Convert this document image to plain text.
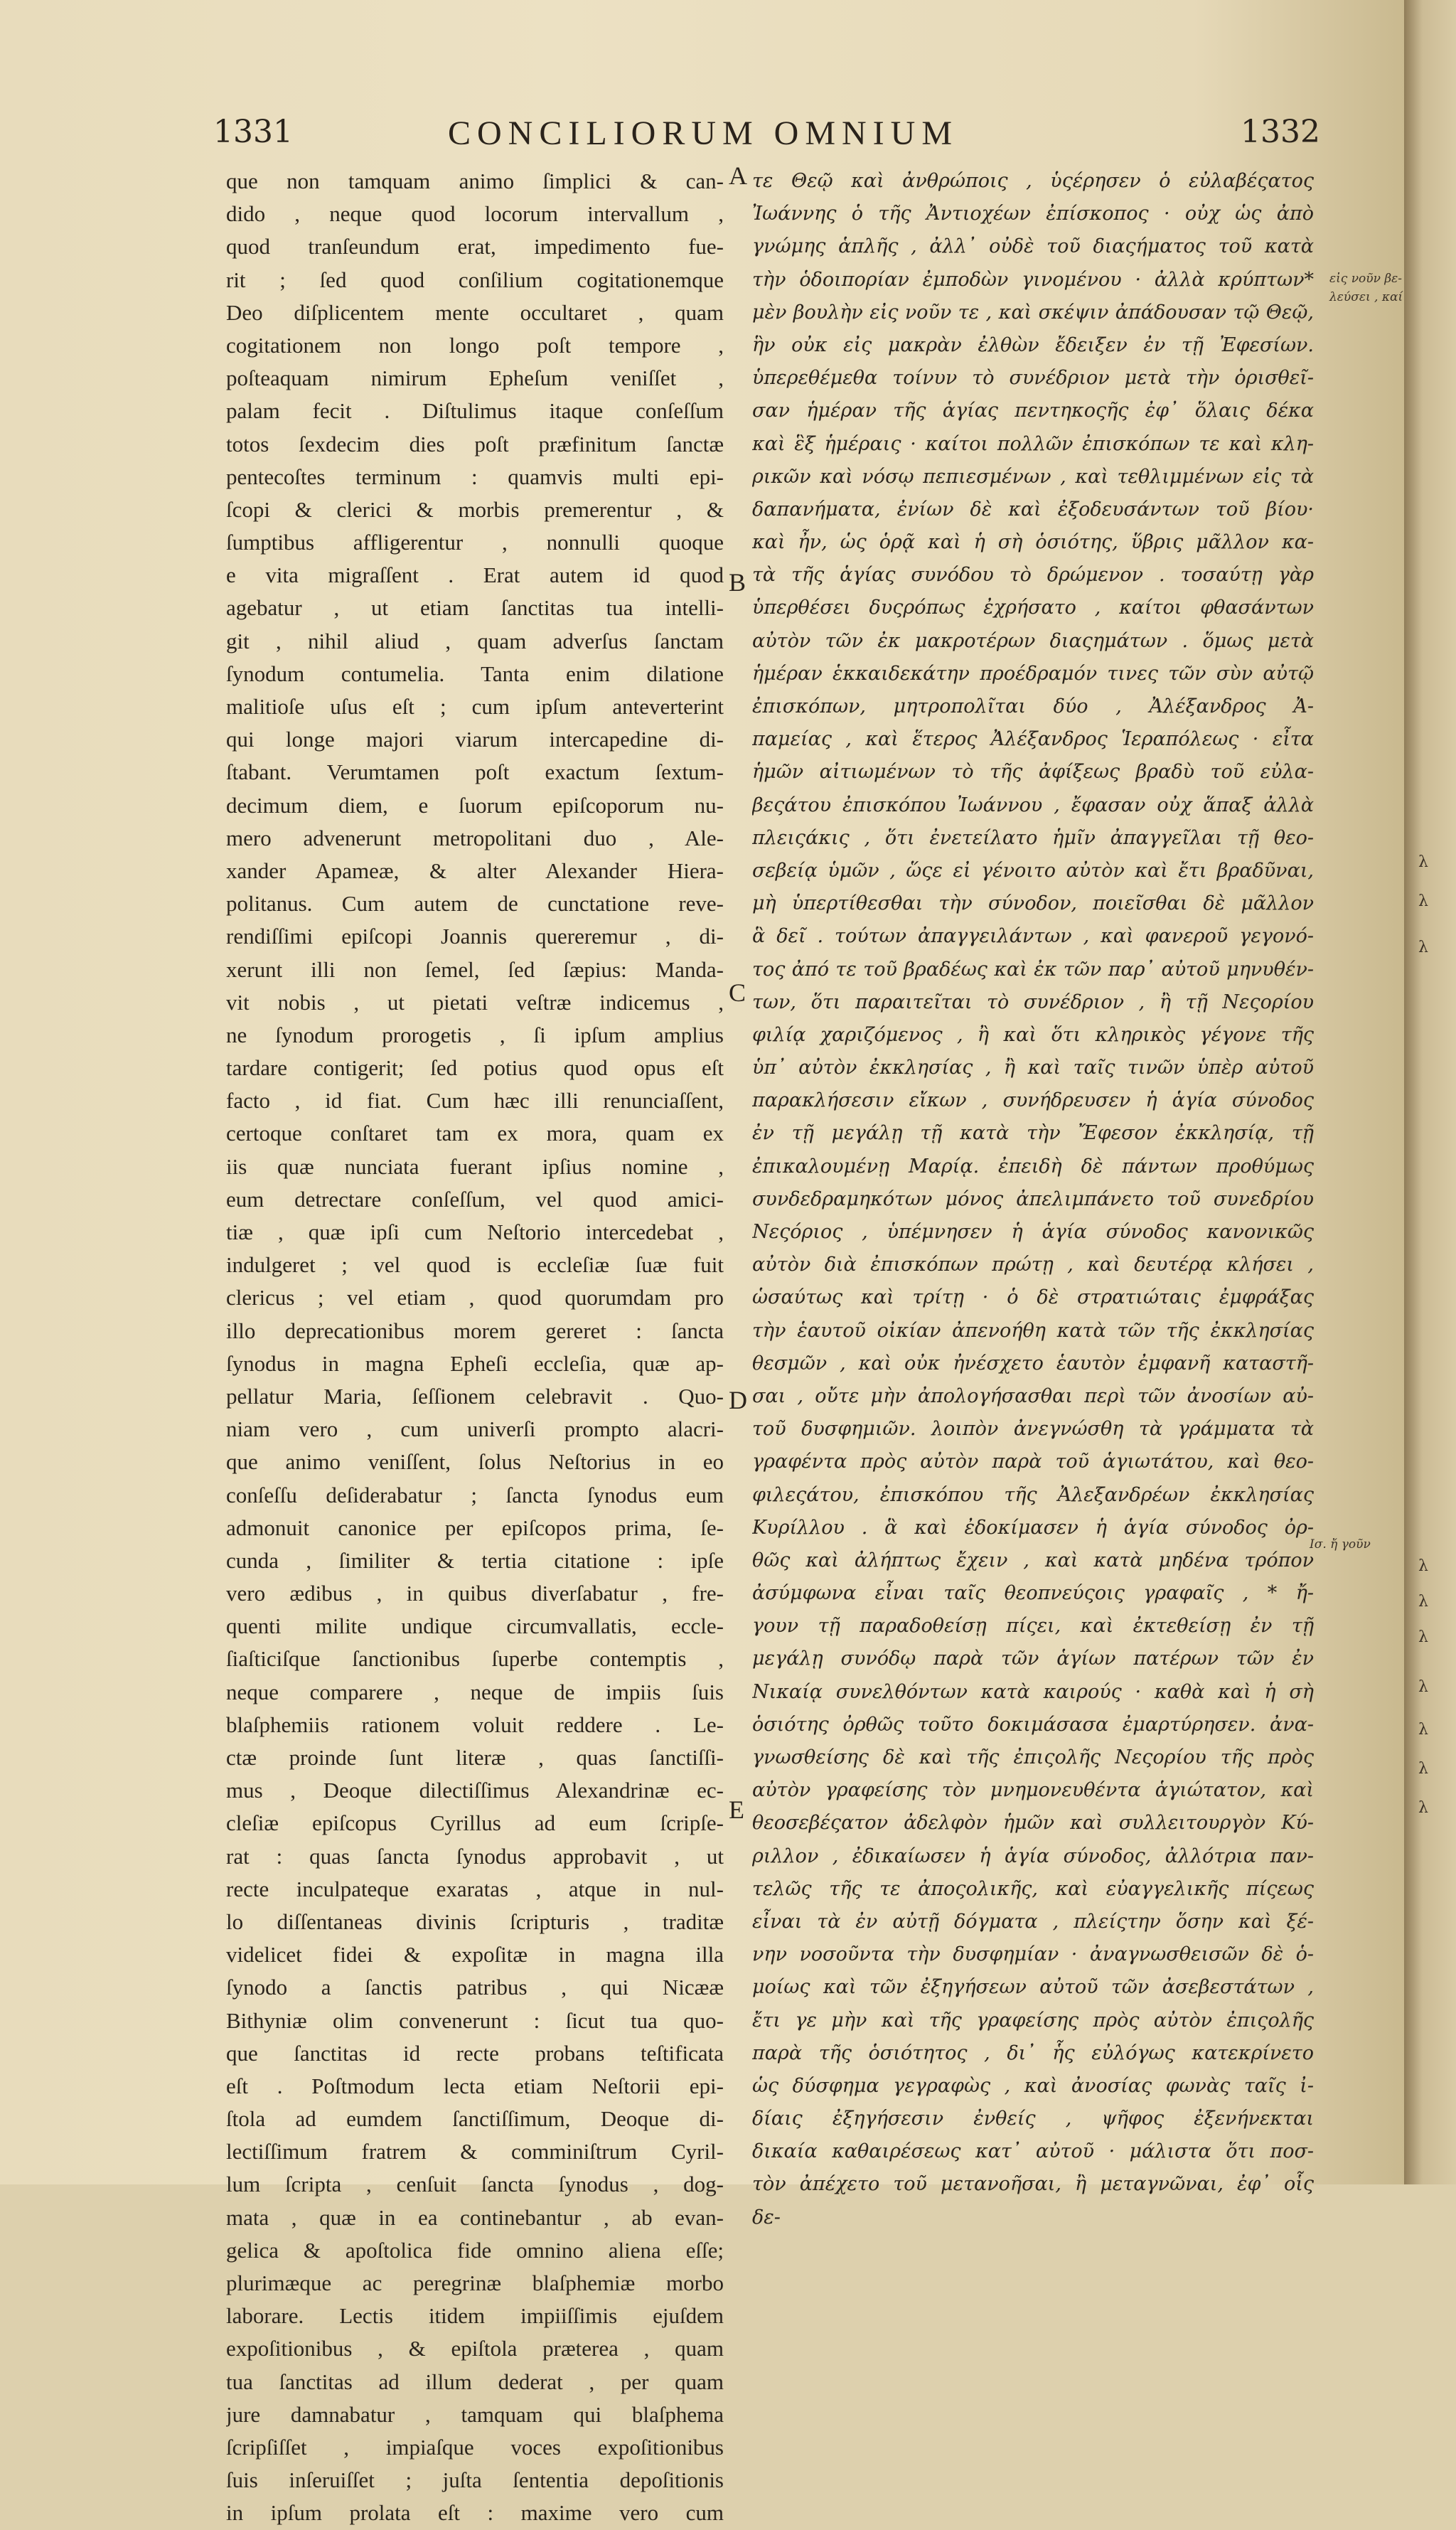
1331	CONCILIORUM OMNIUM	1332
que non tamquam animo ſimplici & can-
dido , neque quod locorum intervallum ,
quod tranſeundum erat, impedimento fue-
rit ; ſed quod conſilium cogitationemque
Deo diſplicentem mente occultaret , quam
cogitationem non longo poſt tempore ,
poſteaquam nimirum Epheſum veniſſet ,
palam fecit . Diſtulimus itaque conſeſſum
totos ſexdecim dies poſt præfinitum ſanctæ
pentecoſtes terminum : quamvis multi epi-
ſcopi & clerici & morbis premerentur , &
ſumptibus affligerentur , nonnulli quoque
e vita migraſſent . Erat autem id quod
agebatur , ut etiam ſanctitas tua intelli-
git , nihil aliud , quam adverſus ſanctam
ſynodum contumelia. Tanta enim dilatione
malitioſe uſus eſt ; cum ipſum anteverterint
qui longe majori viarum intercapedine di-
ſtabant. Verumtamen poſt exactum ſextum-
decimum diem, e ſuorum epiſcoporum nu-
mero advenerunt metropolitani duo , Ale-
xander Apameæ, & alter Alexander Hiera-
politanus. Cum autem de cunctatione reve-
rendiſſimi epiſcopi Joannis quereremur , di-
xerunt illi non ſemel, ſed ſæpius: Manda-
vit nobis , ut pietati veſtræ indicemus ,
ne ſynodum prorogetis , ſi ipſum amplius
tardare contigerit; ſed potius quod opus eſt
facto , id fiat. Cum hæc illi renunciaſſent,
certoque conſtaret tam ex mora, quam ex
iis quæ nunciata fuerant ipſius nomine ,
eum detrectare conſeſſum, vel quod amici-
tiæ , quæ ipſi cum Neſtorio intercedebat ,
indulgeret ; vel quod is eccleſiæ ſuæ fuit
clericus ; vel etiam , quod quorumdam pro
illo deprecationibus morem gereret : ſancta
ſynodus in magna Epheſi eccleſia, quæ ap-
pellatur Maria, ſeſſionem celebravit . Quo-
niam vero , cum univerſi prompto alacri-
que animo veniſſent, ſolus Neſtorius in eo
conſeſſu deſiderabatur ; ſancta ſynodus eum
admonuit canonice per epiſcopos prima, ſe-
cunda , ſimiliter & tertia citatione : ipſe
vero ædibus , in quibus diverſabatur , fre-
quenti milite undique circumvallatis, eccle-
ſiaſticiſque ſanctionibus ſuperbe contemptis ,
neque comparere , neque de impiis ſuis
blaſphemiis rationem voluit reddere . Le-
ctæ proinde ſunt literæ , quas ſanctiſſi-
mus , Deoque dilectiſſimus Alexandrinæ ec-
cleſiæ epiſcopus Cyrillus ad eum ſcripſe-
rat : quas ſancta ſynodus approbavit , ut
recte inculpateque exaratas , atque in nul-
lo diſſentaneas divinis ſcripturis , traditæ
videlicet fidei & expoſitæ in magna illa
ſynodo a ſanctis patribus , qui Nicææ
Bithyniæ olim convenerunt : ſicut tua quo-
que ſanctitas id recte probans teſtificata
eſt . Poſtmodum lecta etiam Neſtorii epi-
ſtola ad eumdem ſanctiſſimum, Deoque di-
lectiſſimum fratrem & comminiſtrum Cyril-
lum ſcripta , cenſuit ſancta ſynodus , dog-
mata , quæ in ea continebantur , ab evan-
gelica & apoſtolica fide omnino aliena eſſe;
plurimæque ac peregrinæ blaſphemiæ morbo
laborare. Lectis itidem impiiſſimis ejuſdem
expoſitionibus , & epiſtola præterea , quam
tua ſanctitas ad illum dederat , per quam
jure damnabatur , tamquam qui blaſphema
ſcripſiſſet , impiaſque voces expoſitionibus
ſuis inſeruiſſet ; juſta ſententia depoſitionis
in ipſum prolata eſt : maxime vero cum
τε Θεῷ καὶ ἀνθρώποις , ὑςέρησεν ὁ εὐλαβέςατος
Ἰωάννης ὁ τῆς Ἀντιοχέων ἐπίσκοπος · οὐχ ὡς ἀπὸ
γνώμης ἁπλῆς , ἀλλ᾽ οὐδὲ τοῦ διαςήματος τοῦ κατὰ
τὴν ὁδοιπορίαν ἐμποδὼν γινομένου · ἀλλὰ κρύπτων*
μὲν βουλὴν εἰς νοῦν τε , καὶ σκέψιν ἀπάδουσαν τῷ Θεῷ,
ἣν οὐκ εἰς μακρὰν ἐλθὼν ἔδειξεν ἐν τῇ Ἐφεσίων.
ὑπερεθέμεθα τοίνυν τὸ συνέδριον μετὰ τὴν ὁρισθεῖ-
σαν ἡμέραν τῆς ἁγίας πεντηκοςῆς ἐφ᾽ ὅλαις δέκα
καὶ ἓξ ἡμέραις · καίτοι πολλῶν ἐπισκόπων τε καὶ κλη-
ρικῶν καὶ νόσῳ πεπιεσμένων , καὶ τεθλιμμένων εἰς τὰ
δαπανήματα, ἐνίων δὲ καὶ ἐξοδευσάντων τοῦ βίου·
καὶ ἦν, ὡς ὁρᾷ καὶ ἡ σὴ ὁσιότης, ὕβρις μᾶλλον κα-
τὰ τῆς ἁγίας συνόδου τὸ δρώμενον . τοσαύτῃ γὰρ
ὑπερθέσει δυςρόπως ἐχρήσατο , καίτοι φθασάντων
αὐτὸν τῶν ἐκ μακροτέρων διαςημάτων . ὅμως μετὰ
ἡμέραν ἑκκαιδεκάτην προέδραμόν τινες τῶν σὺν αὐτῷ
ἐπισκόπων, μητροπολῖται δύο , Ἀλέξανδρος Ἀ-
παμείας , καὶ ἕτερος Ἀλέξανδρος Ἱεραπόλεως · εἶτα
ἡμῶν αἰτιωμένων τὸ τῆς ἀφίξεως βραδὺ τοῦ εὐλα-
βεςάτου ἐπισκόπου Ἰωάννου , ἔφασαν οὐχ ἅπαξ ἀλλὰ
πλειςάκις , ὅτι ἐνετείλατο ἡμῖν ἀπαγγεῖλαι τῇ θεο-
σεβείᾳ ὑμῶν , ὥςε εἰ γένοιτο αὐτὸν καὶ ἔτι βραδῦναι,
μὴ ὑπερτίθεσθαι τὴν σύνοδον, ποιεῖσθαι δὲ μᾶλλον
ἃ δεῖ . τούτων ἀπαγγειλάντων , καὶ φανεροῦ γεγονό-
τος ἀπό τε τοῦ βραδέως καὶ ἐκ τῶν παρ᾽ αὐτοῦ μηνυθέν-
των, ὅτι παραιτεῖται τὸ συνέδριον , ἢ τῇ Νεςορίου
φιλίᾳ χαριζόμενος , ἢ καὶ ὅτι κληρικὸς γέγονε τῆς
ὑπ᾽ αὐτὸν ἐκκλησίας , ἢ καὶ ταῖς τινῶν ὑπὲρ αὐτοῦ
παρακλήσεσιν εἴκων , συνήδρευσεν ἡ ἁγία σύνοδος
ἐν τῇ μεγάλῃ τῇ κατὰ τὴν Ἔφεσον ἐκκλησίᾳ, τῇ
ἐπικαλουμένῃ Μαρίᾳ. ἐπειδὴ δὲ πάντων προθύμως
συνδεδραμηκότων μόνος ἀπελιμπάνετο τοῦ συνεδρίου
Νεςόριος , ὑπέμνησεν ἡ ἁγία σύνοδος κανονικῶς
αὐτὸν διὰ ἐπισκόπων πρώτῃ , καὶ δευτέρᾳ κλήσει ,
ὡσαύτως καὶ τρίτῃ · ὁ δὲ στρατιώταις ἐμφράξας
τὴν ἑαυτοῦ οἰκίαν ἀπενοήθη κατὰ τῶν τῆς ἐκκλησίας
θεσμῶν , καὶ οὐκ ἠνέσχετο ἑαυτὸν ἐμφανῆ καταστῆ-
σαι , οὔτε μὴν ἀπολογήσασθαι περὶ τῶν ἀνοσίων αὐ-
τοῦ δυσφημιῶν. λοιπὸν ἀνεγνώσθη τὰ γράμματα τὰ
γραφέντα πρὸς αὐτὸν παρὰ τοῦ ἁγιωτάτου, καὶ θεο-
φιλεςάτου, ἐπισκόπου τῆς Ἀλεξανδρέων ἐκκλησίας
Κυρίλλου . ἃ καὶ ἐδοκίμασεν ἡ ἁγία σύνοδος ὀρ-
θῶς καὶ ἀλήπτως ἔχειν , καὶ κατὰ μηδένα τρόπον
ἀσύμφωνα εἶναι ταῖς θεοπνεύςοις γραφαῖς , * ἤ-
γουν τῇ παραδοθείσῃ πίςει, καὶ ἐκτεθείσῃ ἐν τῇ
μεγάλῃ συνόδῳ παρὰ τῶν ἁγίων πατέρων τῶν ἐν
Νικαίᾳ συνελθόντων κατὰ καιρούς · καθὰ καὶ ἡ σὴ
ὁσιότης ὀρθῶς τοῦτο δοκιμάσασα ἐμαρτύρησεν. ἀνα-
γνωσθείσης δὲ καὶ τῆς ἐπιςολῆς Νεςορίου τῆς πρὸς
αὐτὸν γραφείσης τὸν μνημονευθέντα ἁγιώτατον, καὶ
θεοσεβέςατον ἀδελφὸν ἡμῶν καὶ συλλειτουργὸν Κύ-
ριλλον , ἐδικαίωσεν ἡ ἁγία σύνοδος, ἀλλότρια παν-
τελῶς τῆς τε ἀποςολικῆς, καὶ εὐαγγελικῆς πίςεως
εἶναι τὰ ἐν αὐτῇ δόγματα , πλείςτην ὅσην καὶ ξέ-
νην νοσοῦντα τὴν δυσφημίαν · ἀναγνωσθεισῶν δὲ ὁ-
μοίως καὶ τῶν ἐξηγήσεων αὐτοῦ τῶν ἀσεβεστάτων ,
ἔτι γε μὴν καὶ τῆς γραφείσης πρὸς αὐτὸν ἐπιςολῆς
παρὰ τῆς ὁσιότητος , δι᾽ ἧς εὐλόγως κατεκρίνετο
ὡς δύσφημα γεγραφὼς , καὶ ἀνοσίας φωνὰς ταῖς ἰ-
δίαις ἐξηγήσεσιν ἐνθείς , ψῆφος ἐξενήνεκται
δικαία καθαιρέσεως κατ᾽ αὐτοῦ · μάλιστα ὅτι ποσ-
τὸν ἀπέχετο τοῦ μετανοῆσαι, ἢ μεταγνῶναι, ἐφ᾽ οἷς
δε-
A
B
C
D
E
εἰς νοῦν βε-
λεύσει , καί
Ισ. ἤ γοῦν
λ
λ
λ
λ
λ
λ
λ
λ
λ
λ
